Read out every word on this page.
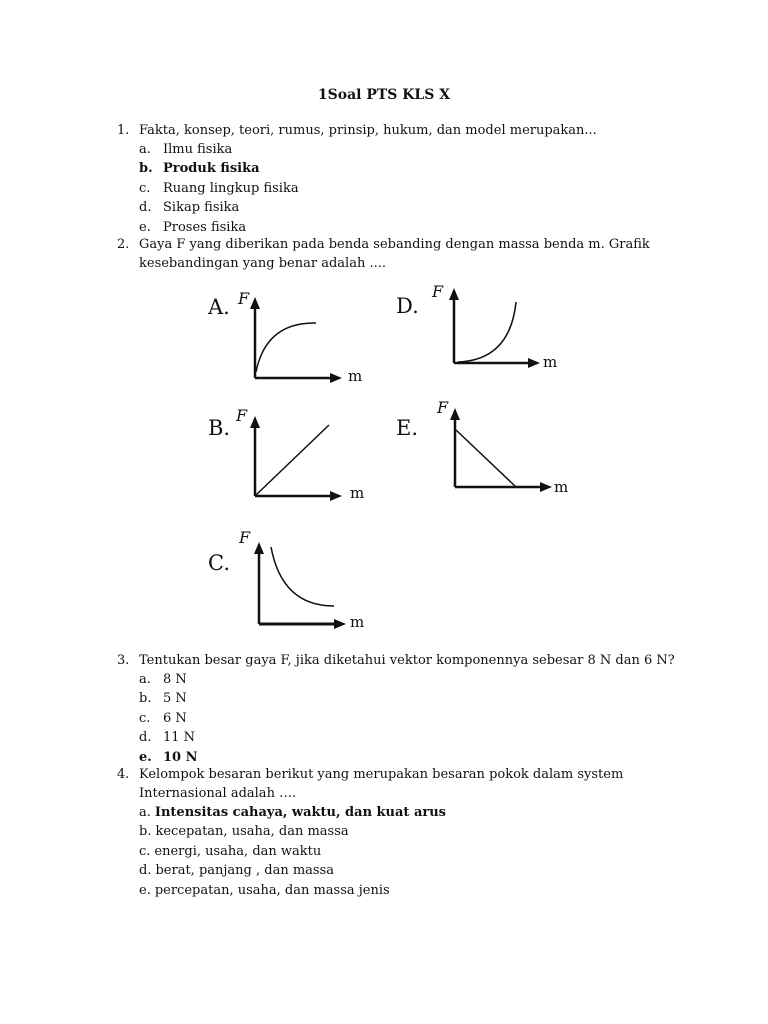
1Soal PTS KLS X
1. Fakta, konsep, teori, rumus, prinsip, hukum, dan model merupakan...
a. Ilmu fisika
b. Produk fisika
c. Ruang lingkup fisika
d. Sikap fisika
e. Proses fisika
2. Gaya F yang diberikan pada benda sebanding dengan massa benda m. Grafik kesebandingan yang benar adalah ....
A. F
m
D.
F
m
B.
F
m
E.
F
m
C.
F
m
3. Tentukan besar gaya F, jika diketahui vektor komponennya sebesar 8 N dan 6 N?
a. 8 N
b. 5 N
c. 6 N
d. 11 N
e. 10 N
4. Kelompok besaran berikut yang merupakan besaran pokok dalam system Internasional adalah ….
a. Intensitas cahaya, waktu, dan kuat arus
b. kecepatan, usaha, dan massa
c. energi, usaha, dan waktu
d. berat, panjang , dan massa
e. percepatan, usaha, dan massa jenis
